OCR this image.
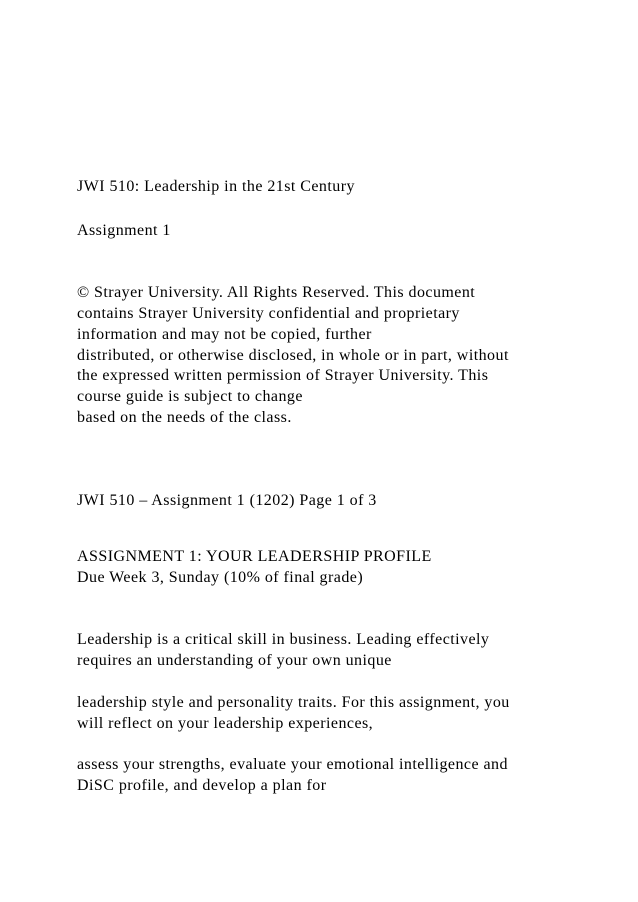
JWI 510: Leadership in the 21st Century

Assignment 1

© Strayer University. All Rights Reserved. This document

contains Strayer University confidential and proprietary

information and may not be copied, further

distributed, or otherwise disclosed, in whole or in part, without

the expressed written permission of Strayer University. This

course guide is subject to change

based on the needs of the class.

JWI 510 – Assignment 1 (1202) Page 1 of 3

ASSIGNMENT 1: YOUR LEADERSHIP PROFILE

Due Week 3, Sunday (10% of final grade)

Leadership is a critical skill in business. Leading effectively

requires an understanding of your own unique

leadership style and personality traits. For this assignment, you

will reflect on your leadership experiences,

assess your strengths, evaluate your emotional intelligence and

DiSC profile, and develop a plan for
